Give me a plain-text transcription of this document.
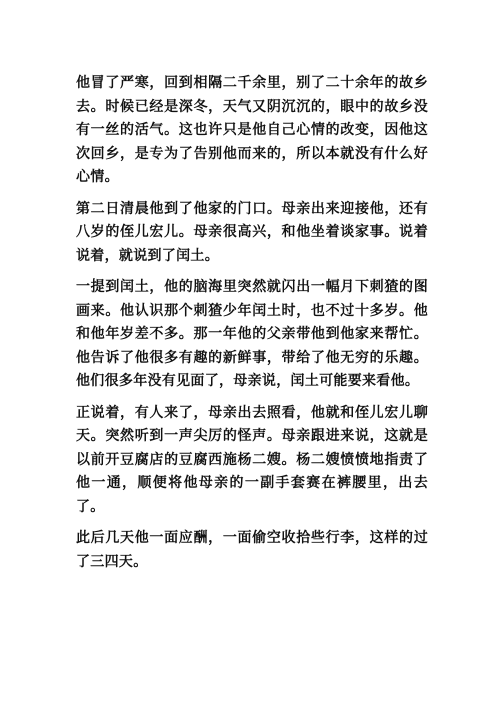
他冒了严寒，回到相隔二千余里，别了二十余年的故乡去。时候已经是深冬，天气又阴沉沉的，眼中的故乡没有一丝的活气。这也许只是他自己心情的改变，因他这次回乡，是专为了告别他而来的，所以本就没有什么好心情。

第二日清晨他到了他家的门口。母亲出来迎接他，还有八岁的侄儿宏儿。母亲很高兴，和他坐着谈家事。说着说着，就说到了闰土。

一提到闰土，他的脑海里突然就闪出一幅月下刺猹的图画来。他认识那个刺猹少年闰土时，也不过十多岁。他和他年岁差不多。那一年他的父亲带他到他家来帮忙。他告诉了他很多有趣的新鲜事，带给了他无穷的乐趣。他们很多年没有见面了，母亲说，闰土可能要来看他。

正说着，有人来了，母亲出去照看，他就和侄儿宏儿聊天。突然听到一声尖厉的怪声。母亲跟进来说，这就是以前开豆腐店的豆腐西施杨二嫂。杨二嫂愤愤地指责了他一通，顺便将他母亲的一副手套赛在裤腰里，出去了。

此后几天他一面应酬，一面偷空收拾些行李，这样的过了三四天。
